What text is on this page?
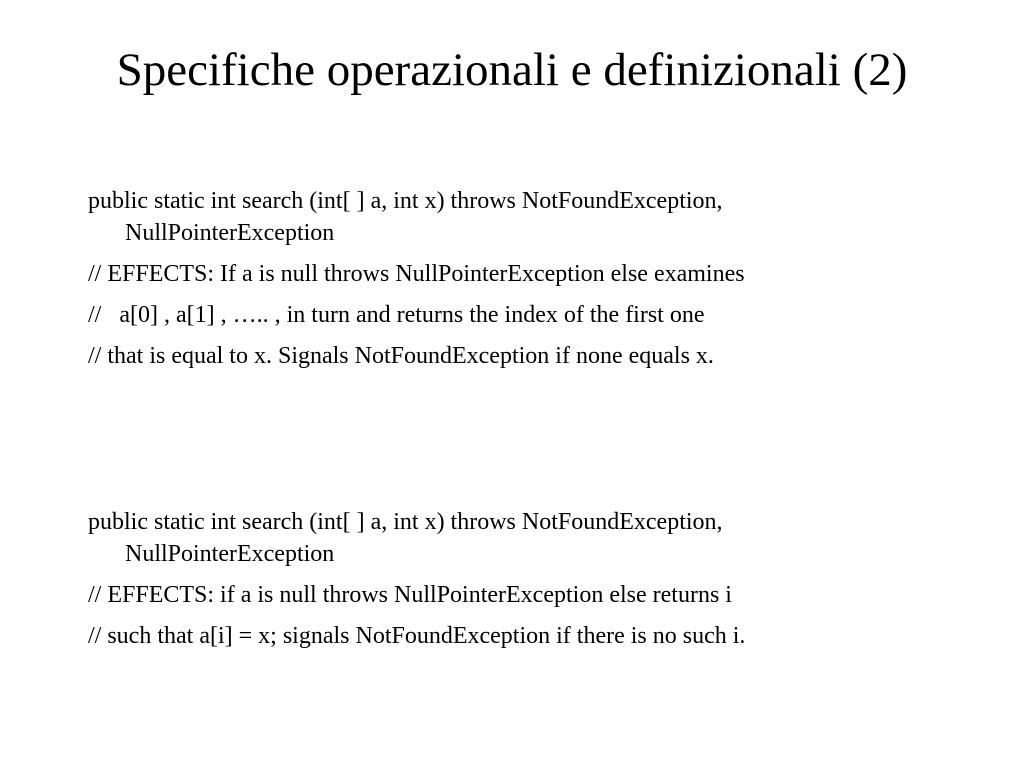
Specifiche operazionali e definizionali (2)

public static int search (int[ ] a, int x) throws NotFoundException,
NullPointerException

// EFFECTS: If a is null throws NullPointerException else examines

//   a[0] , a[1] , ….. , in turn and returns the index of the first one

// that is equal to x. Signals NotFoundException if none equals x.

public static int search (int[ ] a, int x) throws NotFoundException,
NullPointerException

// EFFECTS: if a is null throws NullPointerException else returns i

// such that a[i] = x; signals NotFoundException if there is no such i.
